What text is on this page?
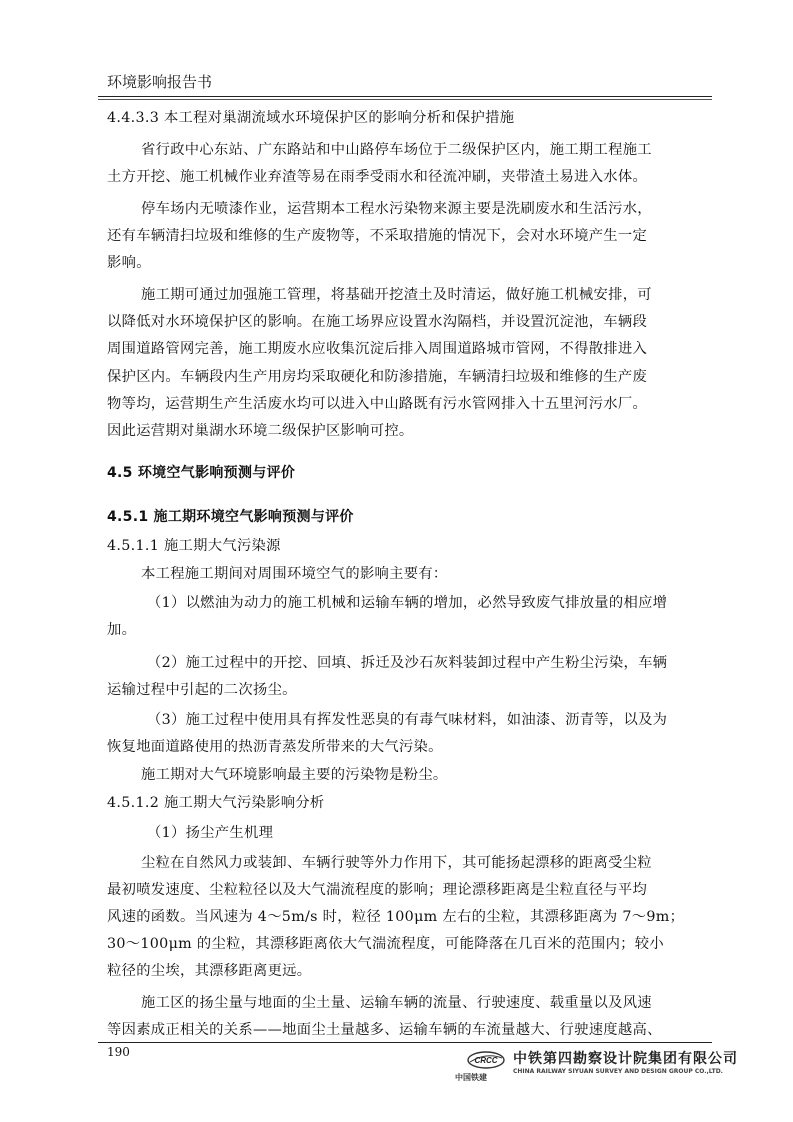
环境影响报告书
4.4.3.3 本工程对巢湖流域水环境保护区的影响分析和保护措施
省行政中心东站、广东路站和中山路停车场位于二级保护区内，施工期工程施工
土方开挖、施工机械作业弃渣等易在雨季受雨水和径流冲刷，夹带渣土易进入水体。
停车场内无喷漆作业，运营期本工程水污染物来源主要是洗刷废水和生活污水，
还有车辆清扫垃圾和维修的生产废物等，不采取措施的情况下，会对水环境产生一定
影响。
施工期可通过加强施工管理，将基础开挖渣土及时清运，做好施工机械安排，可
以降低对水环境保护区的影响。在施工场界应设置水沟隔档，并设置沉淀池，车辆段
周围道路管网完善，施工期废水应收集沉淀后排入周围道路城市管网，不得散排进入
保护区内。车辆段内生产用房均采取硬化和防渗措施，车辆清扫垃圾和维修的生产废
物等均，运营期生产生活废水均可以进入中山路既有污水管网排入十五里河污水厂。
因此运营期对巢湖水环境二级保护区影响可控。
4.5 环境空气影响预测与评价
4.5.1 施工期环境空气影响预测与评价
4.5.1.1 施工期大气污染源
本工程施工期间对周围环境空气的影响主要有：
（1）以燃油为动力的施工机械和运输车辆的增加，必然导致废气排放量的相应增
加。
（2）施工过程中的开挖、回填、拆迁及沙石灰料装卸过程中产生粉尘污染，车辆
运输过程中引起的二次扬尘。
（3）施工过程中使用具有挥发性恶臭的有毒气味材料，如油漆、沥青等，以及为
恢复地面道路使用的热沥青蒸发所带来的大气污染。
施工期对大气环境影响最主要的污染物是粉尘。
4.5.1.2 施工期大气污染影响分析
（1）扬尘产生机理
尘粒在自然风力或装卸、车辆行驶等外力作用下，其可能扬起漂移的距离受尘粒
最初喷发速度、尘粒粒径以及大气湍流程度的影响；理论漂移距离是尘粒直径与平均
风速的函数。当风速为 4～5m/s 时，粒径 100μm 左右的尘粒，其漂移距离为 7～9m；
30～100μm 的尘粒，其漂移距离依大气湍流程度，可能降落在几百米的范围内；较小
粒径的尘埃，其漂移距离更远。
施工区的扬尘量与地面的尘土量、运输车辆的流量、行驶速度、载重量以及风速
等因素成正相关的关系——地面尘土量越多、运输车辆的车流量越大、行驶速度越高、
190
CRCC 中铁第四勘察设计院集团有限公司
CHINA RAILWAY SIYUAN SURVEY AND DESIGN GROUP CO.,LTD.
中国铁建
